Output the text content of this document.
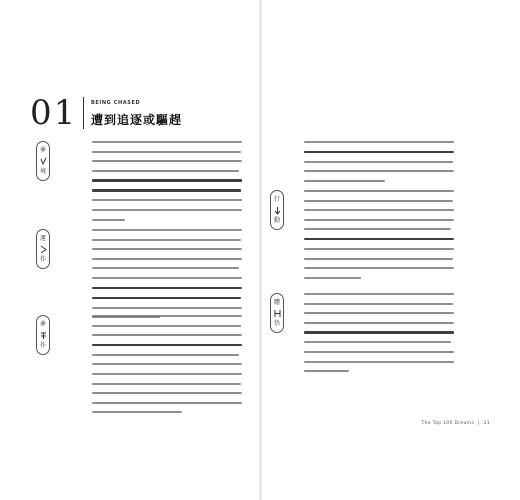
01	BEING CHASED
遭到追逐或驅趕
夢
境
運
作
夢
作
行
動
體
悟
The Top 100 Dreams | 31
